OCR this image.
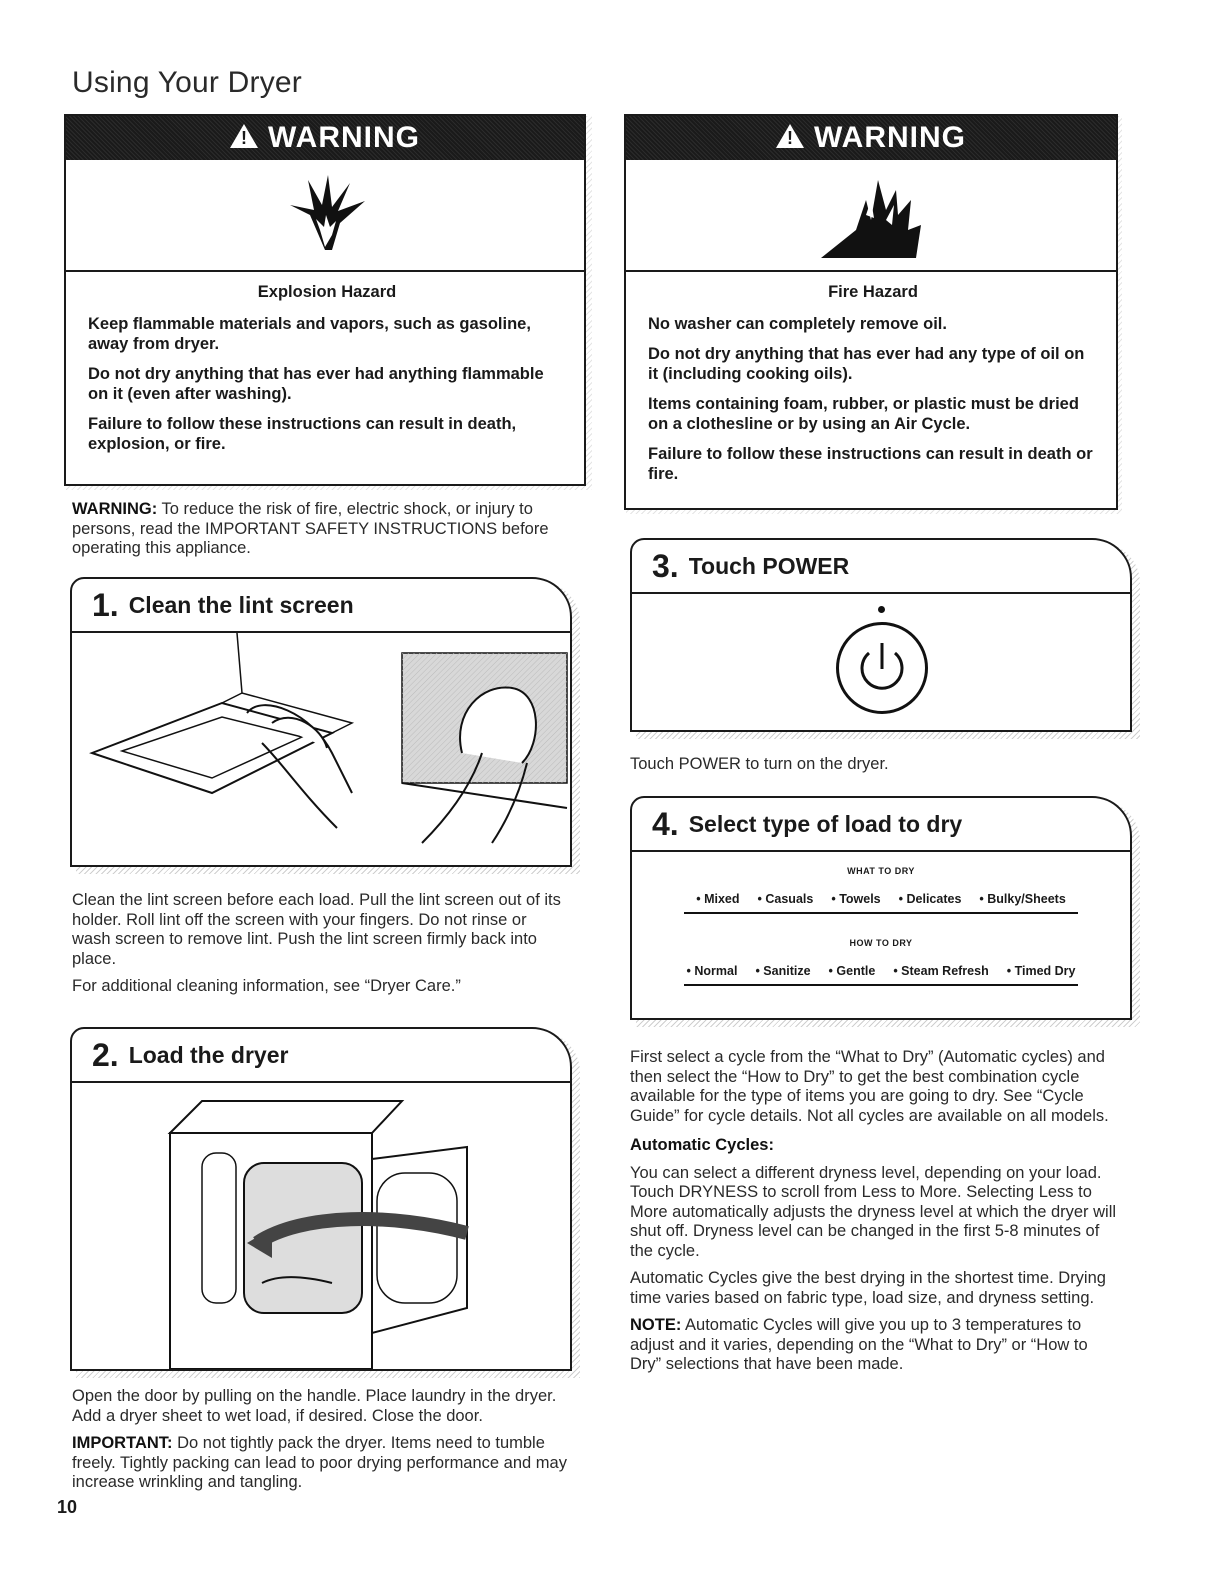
Using Your Dryer
!
WARNING
Explosion Hazard

Keep flammable materials and vapors, such as gasoline, away from dryer.

Do not dry anything that has ever had anything flammable on it (even after washing).

Failure to follow these instructions can result in death, explosion, or fire.

!
WARNING
Fire Hazard

No washer can completely remove oil.

Do not dry anything that has ever had any type of oil on it (including cooking oils).

Items containing foam, rubber, or plastic must be dried on a clothesline or by using an Air Cycle.

Failure to follow these instructions can result in death or fire.

WARNING: To reduce the risk of fire, electric shock, or injury to persons, read the IMPORTANT SAFETY INSTRUCTIONS before operating this appliance.
1. Clean the lint screen

Clean the lint screen before each load. Pull the lint screen out of its holder. Roll lint off the screen with your fingers. Do not rinse or wash screen to remove lint. Push the lint screen firmly back into place.

For additional cleaning information, see “Dryer Care.”

2. Load the dryer

Open the door by pulling on the handle. Place laundry in the dryer. Add a dryer sheet to wet load, if desired. Close the door.

IMPORTANT: Do not tightly pack the dryer. Items need to tumble freely. Tightly packing can lead to poor drying performance and may increase wrinkling and tangling.

3. Touch POWER
Touch POWER to turn on the dryer.
4. Select type of load to dry
WHAT TO DRY
• Mixed	• Casuals	• Towels	• Delicates	• Bulky/Sheets
HOW TO DRY
• Normal	• Sanitize	• Gentle	• Steam Refresh	• Timed Dry

First select a cycle from the “What to Dry” (Automatic cycles) and then select the “How to Dry” to get the best combination cycle available for the type of items you are going to dry. See “Cycle Guide” for cycle details. Not all cycles are available on all models.

Automatic Cycles:

You can select a different dryness level, depending on your load. Touch DRYNESS to scroll from Less to More. Selecting Less to More automatically adjusts the dryness level at which the dryer will shut off. Dryness level can be changed in the first 5-8 minutes of the cycle.

Automatic Cycles give the best drying in the shortest time. Drying time varies based on fabric type, load size, and dryness setting.

NOTE: Automatic Cycles will give you up to 3 temperatures to adjust and it varies, depending on the “What to Dry” or “How to Dry” selections that have been made.

10
